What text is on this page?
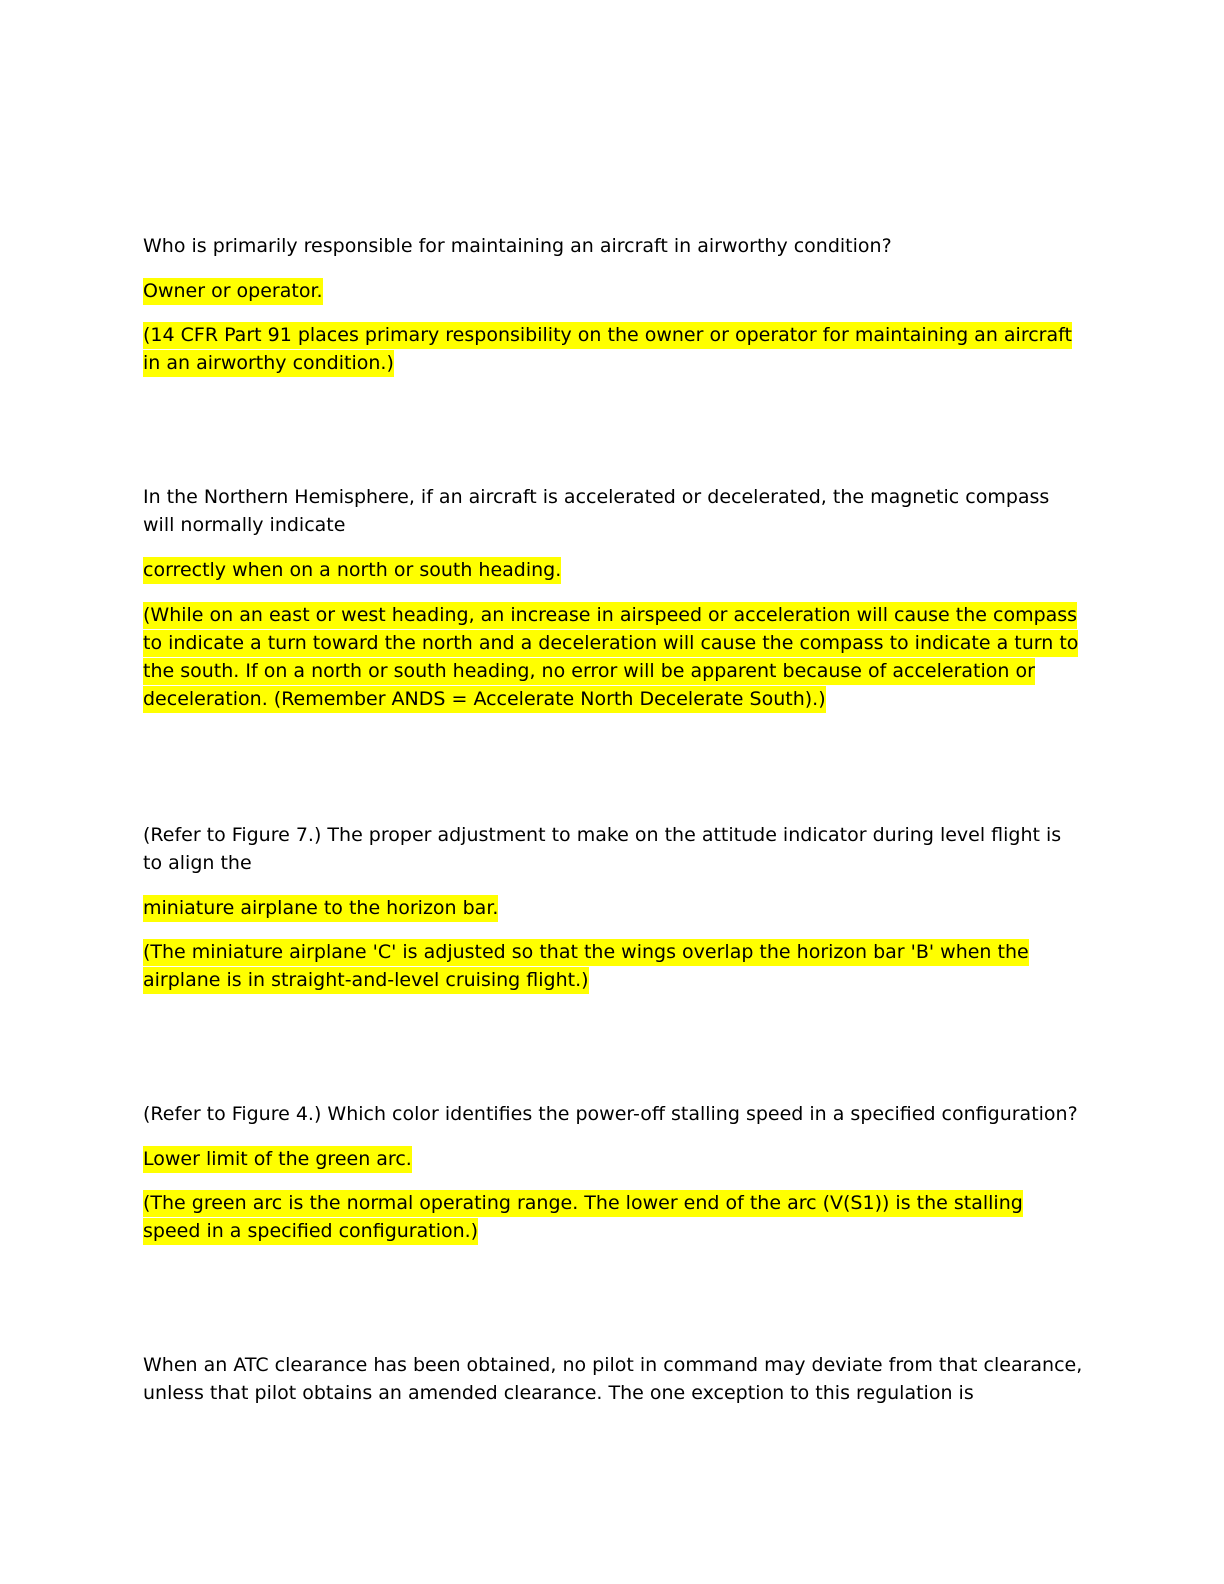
Who is primarily responsible for maintaining an aircraft in airworthy condition?

Owner or operator.

(14 CFR Part 91 places primary responsibility on the owner or operator for maintaining an aircraft in an airworthy condition.)

In the Northern Hemisphere, if an aircraft is accelerated or decelerated, the magnetic compass will normally indicate

correctly when on a north or south heading.

(While on an east or west heading, an increase in airspeed or acceleration will cause the compass to indicate a turn toward the north and a deceleration will cause the compass to indicate a turn to the south. If on a north or south heading, no error will be apparent because of acceleration or deceleration. (Remember ANDS = Accelerate North Decelerate South).)

(Refer to Figure 7.) The proper adjustment to make on the attitude indicator during level flight is to align the

miniature airplane to the horizon bar.

(The miniature airplane 'C' is adjusted so that the wings overlap the horizon bar 'B' when the airplane is in straight-and-level cruising flight.)

(Refer to Figure 4.) Which color identifies the power-off stalling speed in a specified configuration?

Lower limit of the green arc.

(The green arc is the normal operating range. The lower end of the arc (V(S1)) is the stalling speed in a specified configuration.)

When an ATC clearance has been obtained, no pilot in command may deviate from that clearance, unless that pilot obtains an amended clearance. The one exception to this regulation is
